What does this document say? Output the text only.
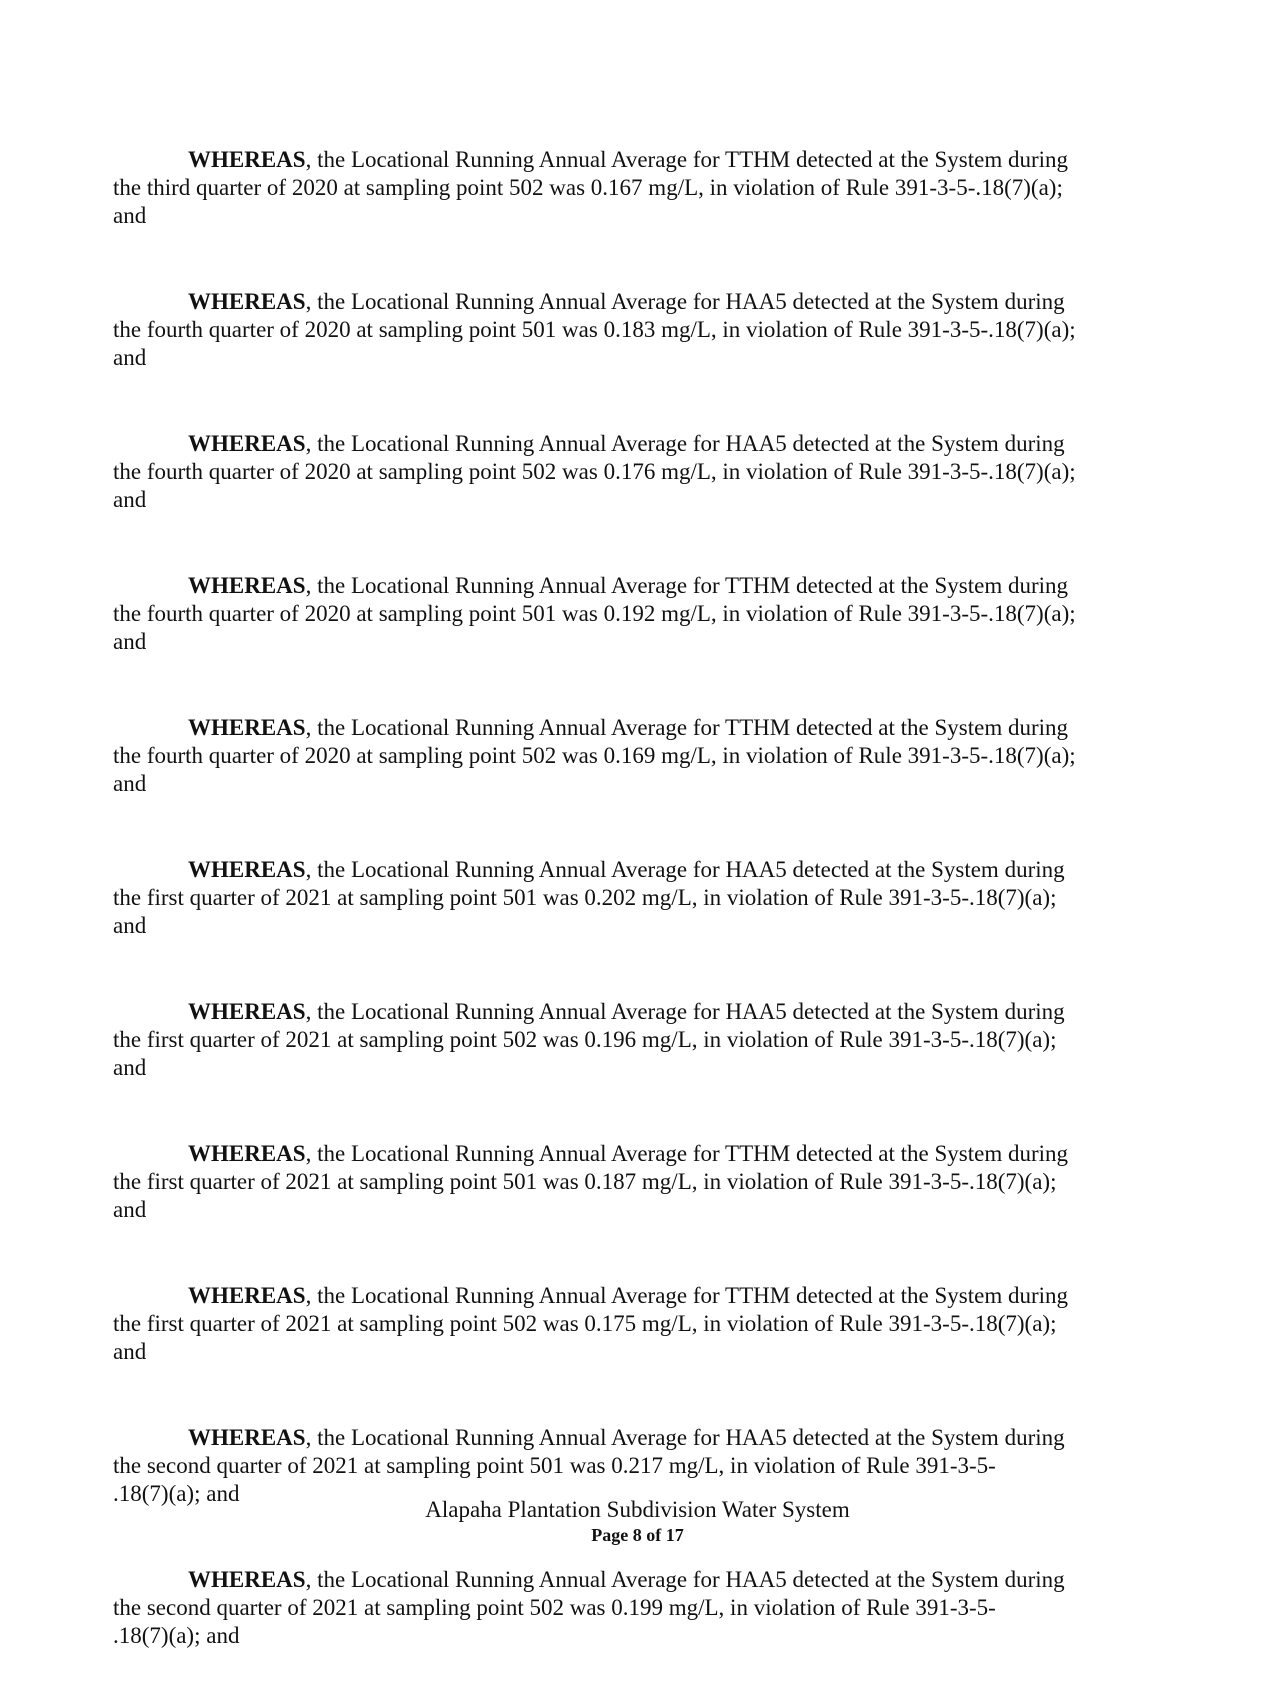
WHEREAS, the Locational Running Annual Average for TTHM detected at the System during
the third quarter of 2020 at sampling point 502 was 0.167 mg/L, in violation of Rule 391-3-5-.18(7)(a);
and

WHEREAS, the Locational Running Annual Average for HAA5 detected at the System during
the fourth quarter of 2020 at sampling point 501 was 0.183 mg/L, in violation of Rule 391-3-5-.18(7)(a);
and

WHEREAS, the Locational Running Annual Average for HAA5 detected at the System during
the fourth quarter of 2020 at sampling point 502 was 0.176 mg/L, in violation of Rule 391-3-5-.18(7)(a);
and

WHEREAS, the Locational Running Annual Average for TTHM detected at the System during
the fourth quarter of 2020 at sampling point 501 was 0.192 mg/L, in violation of Rule 391-3-5-.18(7)(a);
and

WHEREAS, the Locational Running Annual Average for TTHM detected at the System during
the fourth quarter of 2020 at sampling point 502 was 0.169 mg/L, in violation of Rule 391-3-5-.18(7)(a);
and

WHEREAS, the Locational Running Annual Average for HAA5 detected at the System during
the first quarter of 2021 at sampling point 501 was 0.202 mg/L, in violation of Rule 391-3-5-.18(7)(a);
and

WHEREAS, the Locational Running Annual Average for HAA5 detected at the System during
the first quarter of 2021 at sampling point 502 was 0.196 mg/L, in violation of Rule 391-3-5-.18(7)(a);
and

WHEREAS, the Locational Running Annual Average for TTHM detected at the System during
the first quarter of 2021 at sampling point 501 was 0.187 mg/L, in violation of Rule 391-3-5-.18(7)(a);
and

WHEREAS, the Locational Running Annual Average for TTHM detected at the System during
the first quarter of 2021 at sampling point 502 was 0.175 mg/L, in violation of Rule 391-3-5-.18(7)(a);
and

WHEREAS, the Locational Running Annual Average for HAA5 detected at the System during
the second quarter of 2021 at sampling point 501 was 0.217 mg/L, in violation of Rule 391-3-5-
.18(7)(a); and

WHEREAS, the Locational Running Annual Average for HAA5 detected at the System during
the second quarter of 2021 at sampling point 502 was 0.199 mg/L, in violation of Rule 391-3-5-
.18(7)(a); and

Alapaha Plantation Subdivision Water System
Page 8 of 17
